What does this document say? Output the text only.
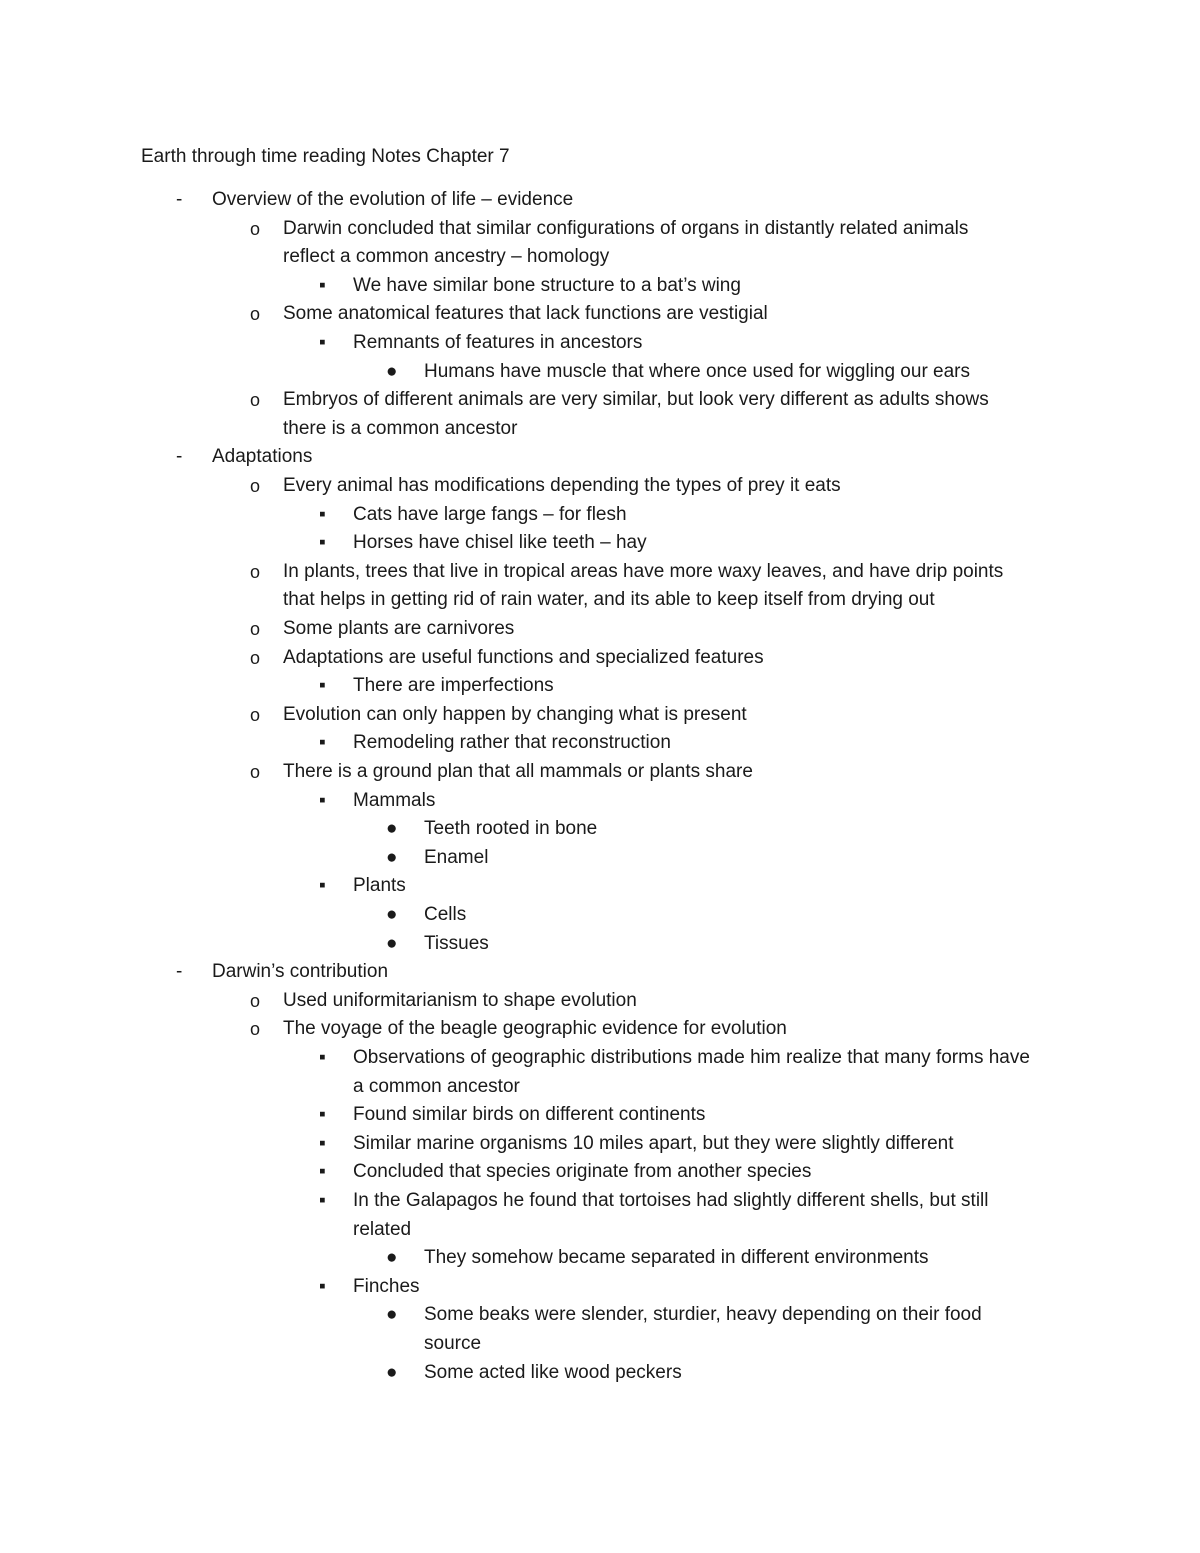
Earth through time reading Notes Chapter 7
- Overview of the evolution of life – evidence
o Darwin concluded that similar configurations of organs in distantly related animals
reflect a common ancestry – homology
▪ We have similar bone structure to a bat’s wing
o Some anatomical features that lack functions are vestigial
▪ Remnants of features in ancestors
● Humans have muscle that where once used for wiggling our ears
o Embryos of different animals are very similar, but look very different as adults shows
there is a common ancestor
- Adaptations
o Every animal has modifications depending the types of prey it eats
▪ Cats have large fangs – for flesh
▪ Horses have chisel like teeth – hay
o In plants, trees that live in tropical areas have more waxy leaves, and have drip points
that helps in getting rid of rain water, and its able to keep itself from drying out
o Some plants are carnivores
o Adaptations are useful functions and specialized features
▪ There are imperfections
o Evolution can only happen by changing what is present
▪ Remodeling rather that reconstruction
o There is a ground plan that all mammals or plants share
▪ Mammals
● Teeth rooted in bone
● Enamel
▪ Plants
● Cells
● Tissues
- Darwin’s contribution
o Used uniformitarianism to shape evolution
o The voyage of the beagle geographic evidence for evolution
▪ Observations of geographic distributions made him realize that many forms have
a common ancestor
▪ Found similar birds on different continents
▪ Similar marine organisms 10 miles apart, but they were slightly different
▪ Concluded that species originate from another species
▪ In the Galapagos he found that tortoises had slightly different shells, but still
related
● They somehow became separated in different environments
▪ Finches
● Some beaks were slender, sturdier, heavy depending on their food
source
● Some acted like wood peckers
